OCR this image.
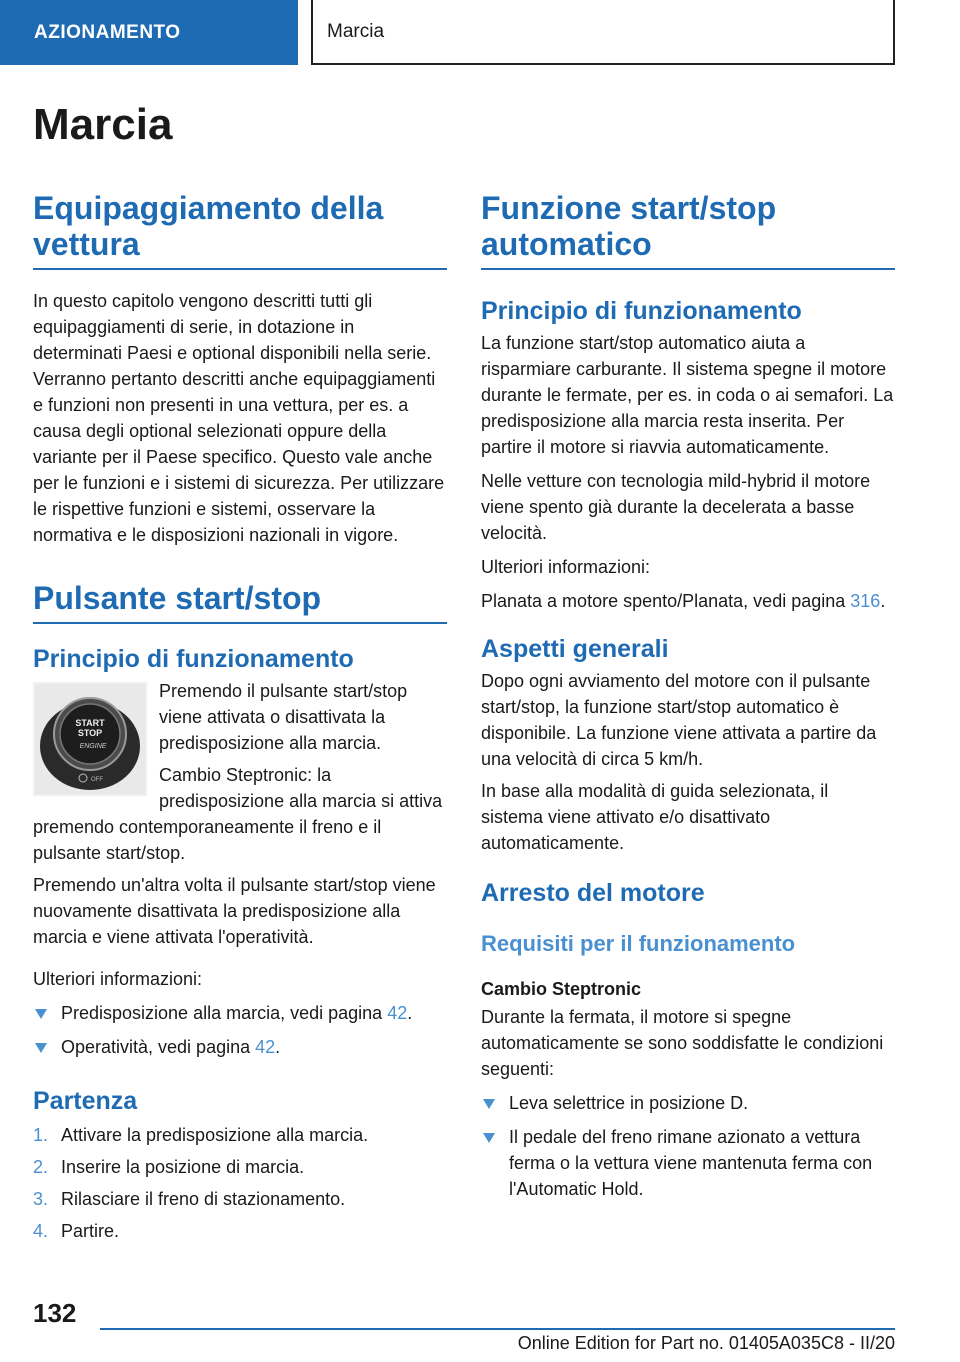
AZIONAMENTO	Marcia
Marcia
Equipaggiamento della vettura

In questo capitolo vengono descritti tutti gli equipaggiamenti di serie, in dotazione in determinati Paesi e optional disponibili nella serie. Verranno pertanto descritti anche equipaggiamenti e funzioni non presenti in una vettura, per es. a causa degli optional selezionati oppure della variante per il Paese specifico. Questo vale anche per le funzioni e i sistemi di sicurezza. Per utilizzare le rispettive funzioni e sistemi, osservare la normativa e le disposizioni nazionali in vigore.

Pulsante start/stop
Principio di funzionamento
START
STOP
ENGINE
OFF

Premendo il pulsante start/stop viene attivata o disattivata la predisposizione alla marcia.

Cambio Steptronic: la predisposizione alla marcia si attiva premendo contemporaneamente il freno e il pulsante start/stop.

Premendo un'altra volta il pulsante start/stop viene nuovamente disattivata la predisposizione alla marcia e viene attivata l'operatività.

Ulteriori informazioni:

Predisposizione alla marcia, vedi pagina 42.
Operatività, vedi pagina 42.
Partenza
1. Attivare la predisposizione alla marcia.
2. Inserire la posizione di marcia.
3. Rilasciare il freno di stazionamento.
4. Partire.
Funzione start/stop automatico
Principio di funzionamento

La funzione start/stop automatico aiuta a risparmiare carburante. Il sistema spegne il motore durante le fermate, per es. in coda o ai semafori. La predisposizione alla marcia resta inserita. Per partire il motore si riavvia automaticamente.

Nelle vetture con tecnologia mild-hybrid il motore viene spento già durante la decelerata a basse velocità.

Ulteriori informazioni:

Planata a motore spento/Planata, vedi pagina 316.

Aspetti generali

Dopo ogni avviamento del motore con il pulsante start/stop, la funzione start/stop automatico è disponibile. La funzione viene attivata a partire da una velocità di circa 5 km/h.

In base alla modalità di guida selezionata, il sistema viene attivato e/o disattivato automaticamente.

Arresto del motore
Requisiti per il funzionamento
Cambio Steptronic

Durante la fermata, il motore si spegne automaticamente se sono soddisfatte le condizioni seguenti:

Leva selettrice in posizione D.
Il pedale del freno rimane azionato a vettura ferma o la vettura viene mantenuta ferma con l'Automatic Hold.
132
Online Edition for Part no. 01405A035C8 - II/20
